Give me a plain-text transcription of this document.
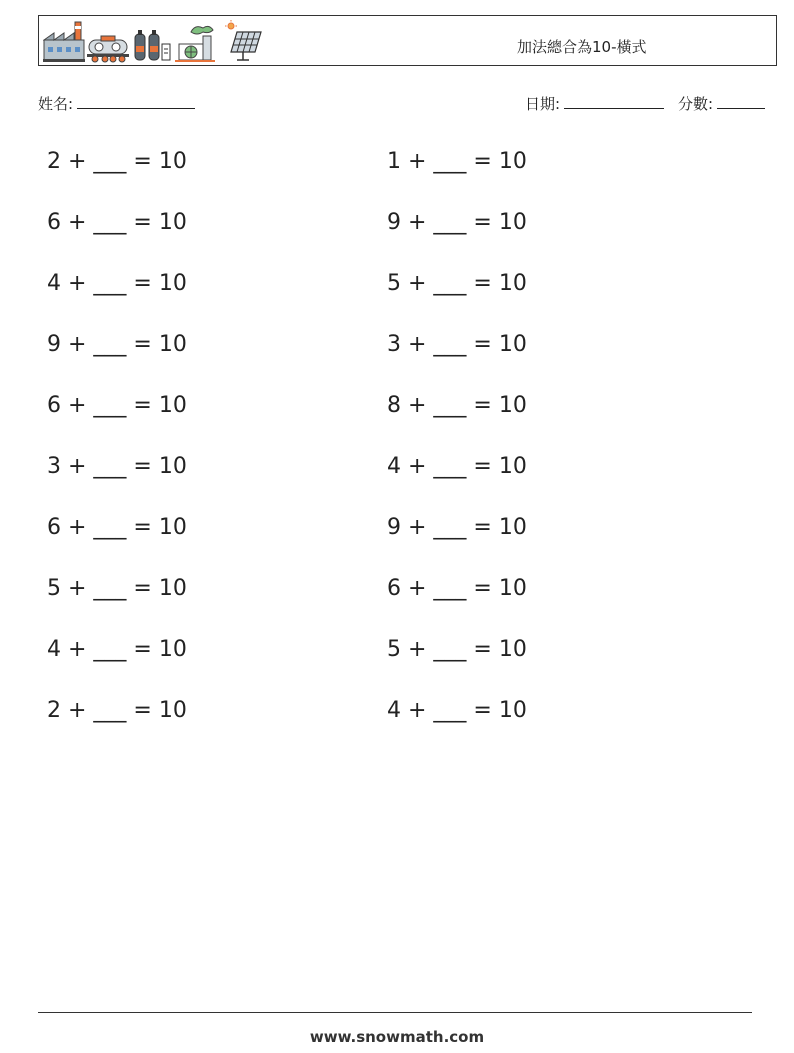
加法總合為10-橫式
姓名:	日期:	分數:
2 + ___ = 10
6 + ___ = 10
4 + ___ = 10
9 + ___ = 10
6 + ___ = 10
3 + ___ = 10
6 + ___ = 10
5 + ___ = 10
4 + ___ = 10
2 + ___ = 10
1 + ___ = 10
9 + ___ = 10
5 + ___ = 10
3 + ___ = 10
8 + ___ = 10
4 + ___ = 10
9 + ___ = 10
6 + ___ = 10
5 + ___ = 10
4 + ___ = 10
www.snowmath.com
